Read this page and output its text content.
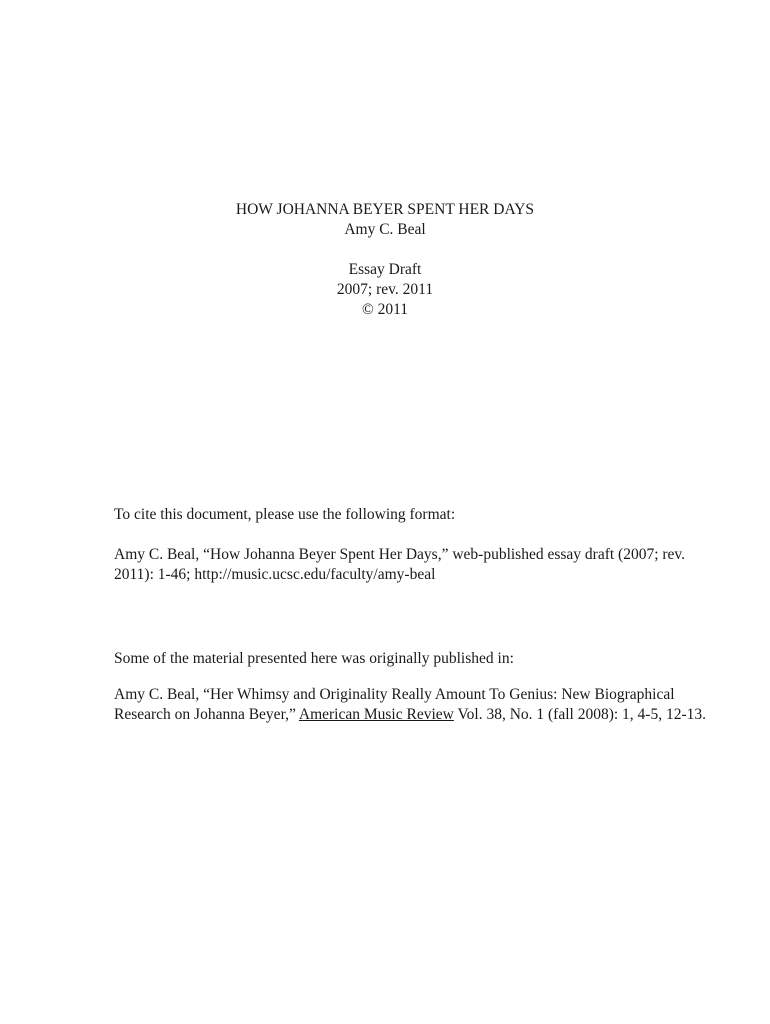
HOW JOHANNA BEYER SPENT HER DAYS
Amy C. Beal
Essay Draft
2007; rev. 2011
© 2011
To cite this document, please use the following format:
Amy C. Beal, “How Johanna Beyer Spent Her Days,” web-published essay draft (2007; rev.
2011): 1-46; http://music.ucsc.edu/faculty/amy-beal
Some of the material presented here was originally published in:
Amy C. Beal, “Her Whimsy and Originality Really Amount To Genius: New Biographical
Research on Johanna Beyer,” American Music Review Vol. 38, No. 1 (fall 2008): 1, 4-5, 12-13.
